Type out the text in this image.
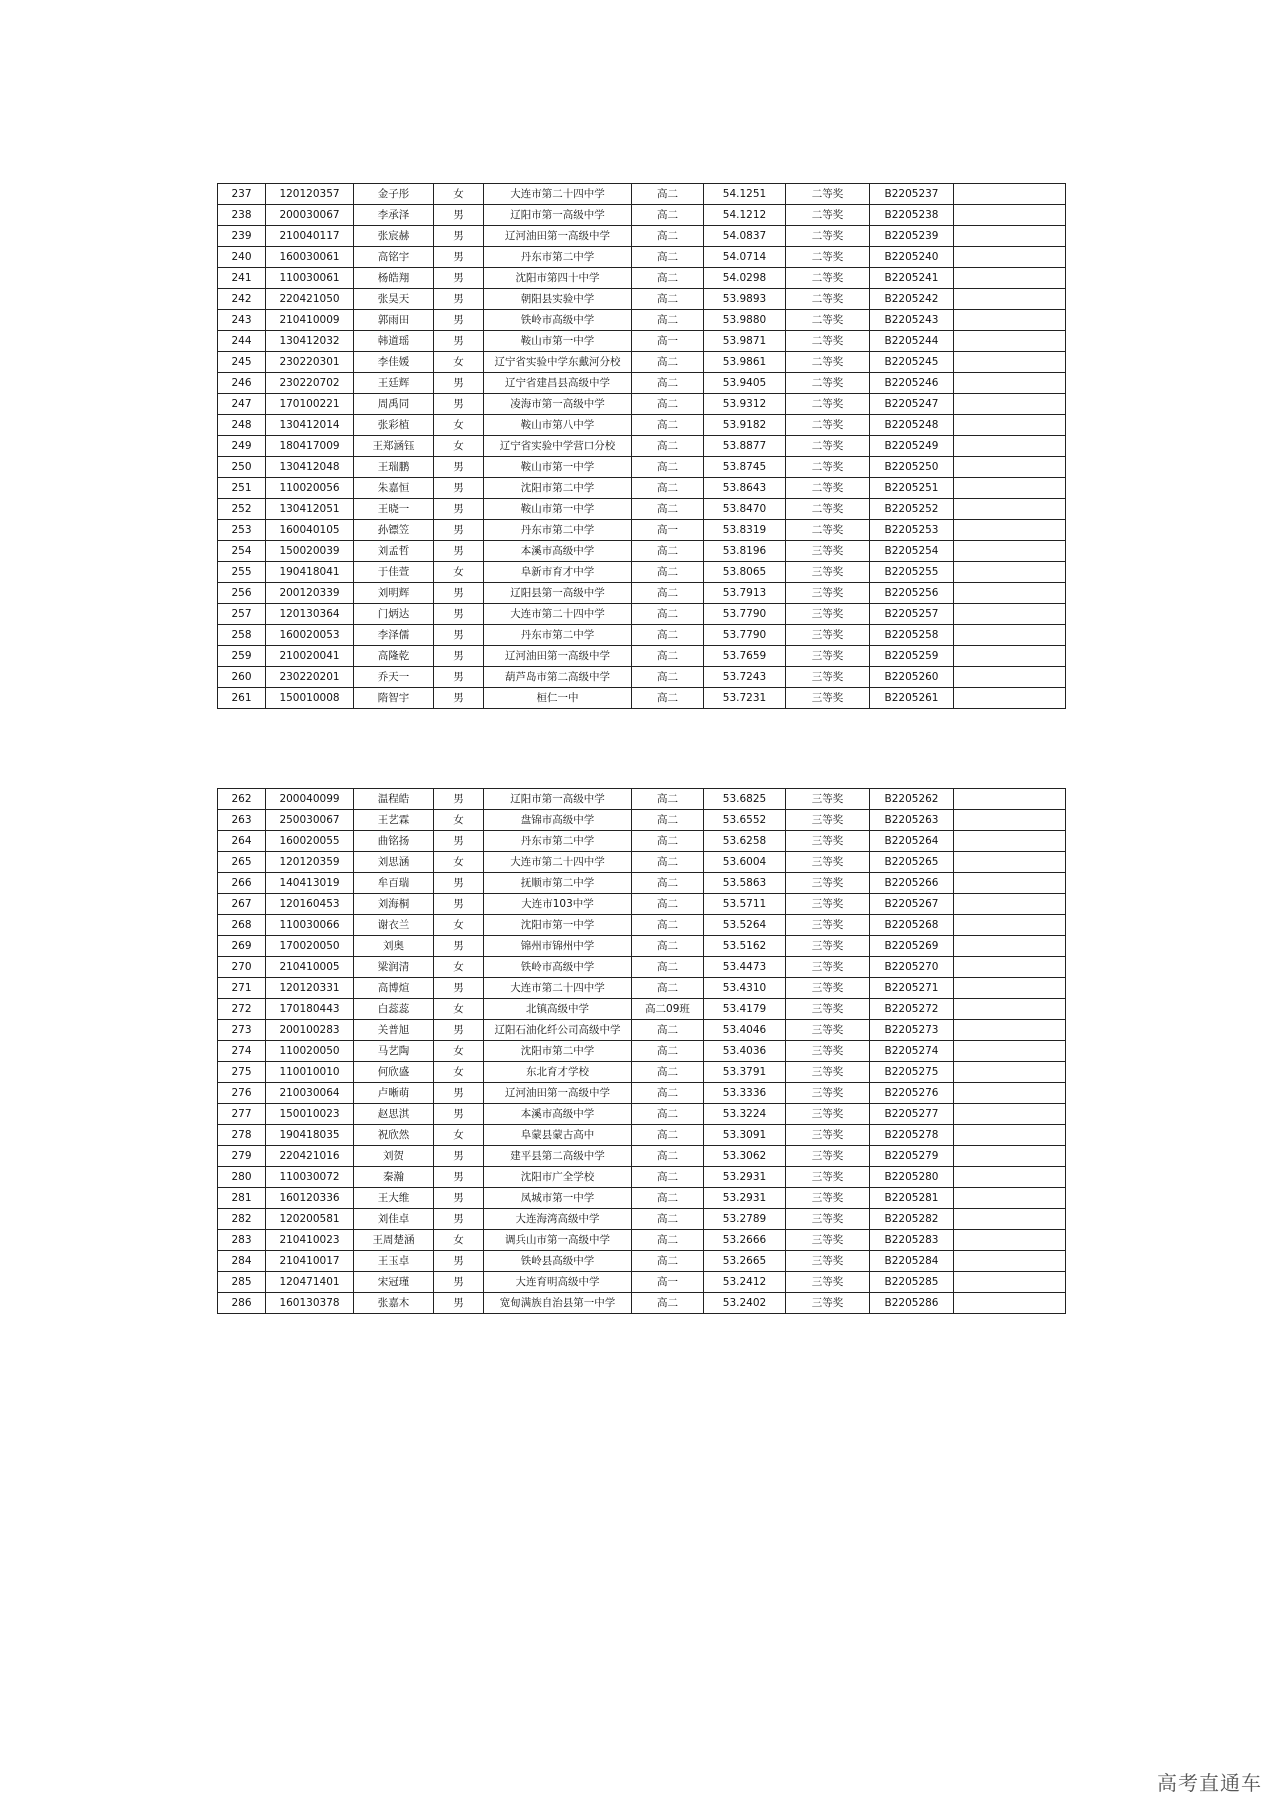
237	120120357	金子彤	女	大连市第二十四中学	高二	54.1251	二等奖	B2205237	
238	200030067	李承泽	男	辽阳市第一高级中学	高二	54.1212	二等奖	B2205238	
239	210040117	张宸赫	男	辽河油田第一高级中学	高二	54.0837	二等奖	B2205239	
240	160030061	高铭宇	男	丹东市第二中学	高二	54.0714	二等奖	B2205240	
241	110030061	杨皓翔	男	沈阳市第四十中学	高二	54.0298	二等奖	B2205241	
242	220421050	张昊天	男	朝阳县实验中学	高二	53.9893	二等奖	B2205242	
243	210410009	郭雨田	男	铁岭市高级中学	高二	53.9880	二等奖	B2205243	
244	130412032	韩道瑶	男	鞍山市第一中学	高一	53.9871	二等奖	B2205244	
245	230220301	李佳媛	女	辽宁省实验中学东戴河分校	高二	53.9861	二等奖	B2205245	
246	230220702	王廷辉	男	辽宁省建昌县高级中学	高二	53.9405	二等奖	B2205246	
247	170100221	周禹同	男	凌海市第一高级中学	高二	53.9312	二等奖	B2205247	
248	130412014	张彩植	女	鞍山市第八中学	高二	53.9182	二等奖	B2205248	
249	180417009	王郑涵钰	女	辽宁省实验中学营口分校	高二	53.8877	二等奖	B2205249	
250	130412048	王瑞鹏	男	鞍山市第一中学	高二	53.8745	二等奖	B2205250	
251	110020056	朱嘉恒	男	沈阳市第二中学	高二	53.8643	二等奖	B2205251	
252	130412051	王晓一	男	鞍山市第一中学	高二	53.8470	二等奖	B2205252	
253	160040105	孙镖笠	男	丹东市第二中学	高一	53.8319	二等奖	B2205253	
254	150020039	刘孟哲	男	本溪市高级中学	高二	53.8196	三等奖	B2205254	
255	190418041	于佳萱	女	阜新市育才中学	高二	53.8065	三等奖	B2205255	
256	200120339	刘明辉	男	辽阳县第一高级中学	高二	53.7913	三等奖	B2205256	
257	120130364	门炳达	男	大连市第二十四中学	高二	53.7790	三等奖	B2205257	
258	160020053	李泽儒	男	丹东市第二中学	高二	53.7790	三等奖	B2205258	
259	210020041	高隆乾	男	辽河油田第一高级中学	高二	53.7659	三等奖	B2205259	
260	230220201	乔天一	男	葫芦岛市第二高级中学	高二	53.7243	三等奖	B2205260	
261	150010008	隋智宇	男	桓仁一中	高二	53.7231	三等奖	B2205261	
262	200040099	温程皓	男	辽阳市第一高级中学	高二	53.6825	三等奖	B2205262	
263	250030067	王艺霖	女	盘锦市高级中学	高二	53.6552	三等奖	B2205263	
264	160020055	曲铭扬	男	丹东市第二中学	高二	53.6258	三等奖	B2205264	
265	120120359	刘思涵	女	大连市第二十四中学	高二	53.6004	三等奖	B2205265	
266	140413019	牟百瑞	男	抚顺市第二中学	高二	53.5863	三等奖	B2205266	
267	120160453	刘海桐	男	大连市103中学	高二	53.5711	三等奖	B2205267	
268	110030066	谢衣兰	女	沈阳市第一中学	高二	53.5264	三等奖	B2205268	
269	170020050	刘奥	男	锦州市锦州中学	高二	53.5162	三等奖	B2205269	
270	210410005	梁润清	女	铁岭市高级中学	高二	53.4473	三等奖	B2205270	
271	120120331	高博煊	男	大连市第二十四中学	高二	53.4310	三等奖	B2205271	
272	170180443	白蕊蕊	女	北镇高级中学	高二09班	53.4179	三等奖	B2205272	
273	200100283	关普旭	男	辽阳石油化纤公司高级中学	高二	53.4046	三等奖	B2205273	
274	110020050	马艺陶	女	沈阳市第二中学	高二	53.4036	三等奖	B2205274	
275	110010010	何欣盛	女	东北育才学校	高二	53.3791	三等奖	B2205275	
276	210030064	卢晰萌	男	辽河油田第一高级中学	高二	53.3336	三等奖	B2205276	
277	150010023	赵思淇	男	本溪市高级中学	高二	53.3224	三等奖	B2205277	
278	190418035	祝欣然	女	阜蒙县蒙古高中	高二	53.3091	三等奖	B2205278	
279	220421016	刘贺	男	建平县第二高级中学	高二	53.3062	三等奖	B2205279	
280	110030072	秦瀚	男	沈阳市广全学校	高二	53.2931	三等奖	B2205280	
281	160120336	王大维	男	凤城市第一中学	高二	53.2931	三等奖	B2205281	
282	120200581	刘佳卓	男	大连海湾高级中学	高二	53.2789	三等奖	B2205282	
283	210410023	王周楚涵	女	调兵山市第一高级中学	高二	53.2666	三等奖	B2205283	
284	210410017	王玉卓	男	铁岭县高级中学	高二	53.2665	三等奖	B2205284	
285	120471401	宋冠瑾	男	大连育明高级中学	高一	53.2412	三等奖	B2205285	
286	160130378	张嘉木	男	宽甸满族自治县第一中学	高二	53.2402	三等奖	B2205286	
高考直通车
